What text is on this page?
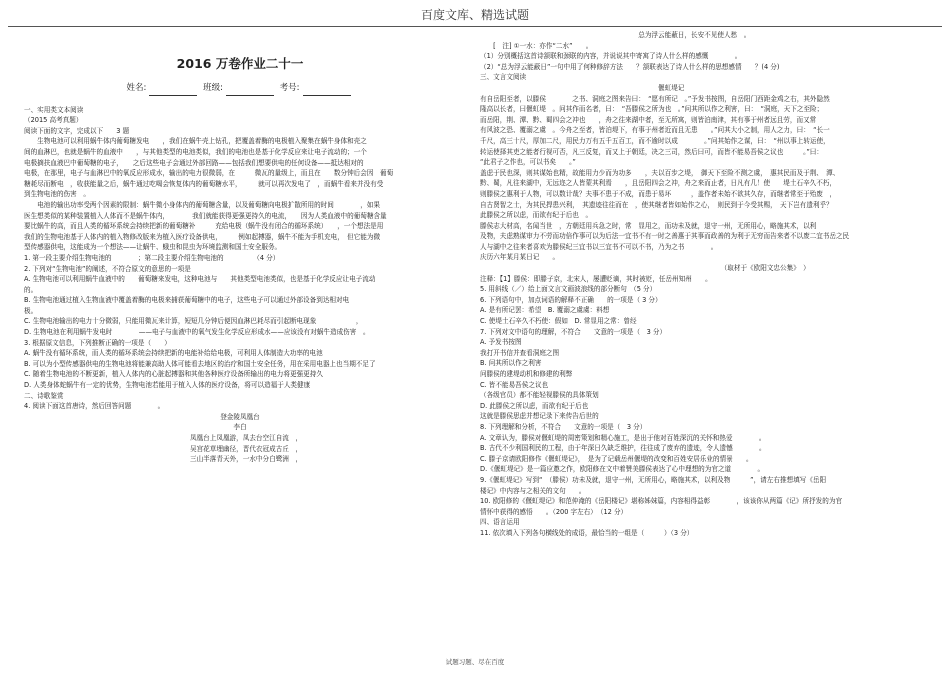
百度文库、精选试题
2016 万卷作业二十一
姓名:	班级:	考号:
一、实用类文本阅读
（2015 高考真题）
阅读下面的文字，完成以下　　3 题
　　生物电池可以利用蜗牛体内葡萄糖发电　　，我们在蜗牛壳上钻孔，把覆盖着酶的电极植入聚集在蜗牛身体和壳之
间的血淋巴，也就是蜗牛的血液中　　，与其他类型的电池类似，我们的电池也是基于化学反应来让电子流动的；一个
电极摘扶血液巴中葡萄糖的电子，　　之后这些电子会通过外部回路——包括我们想要供电的任何设备——抵达相对的
电极，在那里，电子与血淋巴中的氧反应形成水，输出的电力很微弱，在　　　微瓦的量级上，而且在　　数分钟后会因　葡萄
糖耗尽而断电　，收获能量之后，蜗牛通过吃喝会恢复体内的葡萄糖水平，　　　就可以再次发电了　，而蜗牛看来并没有受
到生物电池的伤害　。
　　电池的输出功率受两个因素的限制：蜗牛微小身体内的葡萄糖含量，以及葡萄糖向电极扩散所用的时间　　　　，如果
医生想类似的某种装置植入人体而不是蜗牛体内，　　　　我们就能获得更强更持久的电流，　　因为人类血液中的葡萄糖含量
要比蜗牛的高，而且人类的循环系统会持续把新的葡萄糖补　　　充给电极（蜗牛没有闭合的循环系统）　　，一个想法是用
我们的生物电池基于人体内的植入物修改版来为植入医疗设备供电，　　　例如起搏器，蜗牛不能为手机充电，　但它能为微
型传感器供电，这能成为一个想法——让蜗牛、蛾虫和昆虫为环境监测和国土安全服务。
1. 第一段主要介绍生物电池的　　　　；第二段主要介绍生物电池的　　　　　（4 分）
2. 下列对“生物电池”的阐述，不符合原文的意思的一项是
A. 生物电池可以利用蜗牛血液中的　　葡萄糖来发电，这种电池与　　其他类型电池类似，也是基于化学反应让电子流动
的。
B. 生物电池通过植入生物血液中覆盖着酶的电极来捕获葡萄糖中的电子，这些电子可以通过外部设备到达相对电
极。
C. 生物电池输出的电力十分微弱，只能用微瓦来计算，短短几分钟后便因血淋巴耗尽而引起断电现象　　　　　　，
D. 生物电池在利用蜗牛发电时　　　　——电子与血液中的氧气发生化学反应形成水——应该没有对蜗牛造成伤害　。
3. 根据原文信息，下列推断正确的一项是（　　）
A. 蜗牛没有循环系统，而人类的循环系统会持续把新的电能补给给电极，可利用人体制造大功率的电池
B. 可以为小型传感器供电的生物电池将能兼高助人体可能看去地区的治疗和国土安全任务，用在采用电器上也当期不足了
C. 随着生物电池的不断更新，植入人体内的心脏起搏器和其他各种医疗设备所输出的电力将更强更持久
D. 人类身体蛇蜗牛有一定的优势，生物电池若能用于植入人体的医疗设备，将可以造福于人类健康
二、诗歌鉴赏
4. 阅读下面这首唐诗，然后回答问题　　　　。
登金陵凤凰台
李白
凤凰台上凤凰游，凤去台空江自流　，
吴宫花草埋幽径，晋代衣冠成古丘　，
三山半落青天外，一水中分白鹭洲　，
　　　　　　　　　　　　　　　　　　　　　　　　总为浮云能蔽日，长安不见使人愁　。
　　[　注] ①一水：亦作“二水”　　。
（1）分别概括这首诗颔联和颈联的内容，并说说其中寄寓了诗人什么样的感慨　　　　。
（2）“总为浮云能蔽日”一句中用了何种修辞方法　　？颔联表达了诗人什么样的思想感情　　？(4 分)
三、文言文阅读
　　　　　　　　　　　　　　　　　　　　　　　　　　　偃虹堤记
有自岳阳至者，以滕侯　　　　之书、洞庭之图来告曰：　“愿有所记　。”予发书按图，自岳阳门西距金鸡之右，其外隐然
隆高以长者，曰偃虹堤　。问其作而名者，曰：　“吾滕侯之所为也　。”问其所以作之利害，曰：　“洞庭，天下之至险；
而岳阳，荆、潭、黔、蜀四会之冲也　　，舟之往来湖中者，至无所寓，则皆泊南津，其有事于州者远且劳，而又常
有风波之恐、覆溺之虞　。今舟之至者，皆泊堤下，有事于州者近而且无患　　。”问其大小之制，用人之力，曰：　“长一
千尺，高三十尺，厚加二尺，用民力万有五千五百工，而不逾时以成　　　　。”问其始作之谋，曰：　“州以事上转运使，
转运使择其吏之能者行视可否，凡三反复，而又上于朝廷，决之三司，然后曰可，而皆不能易吾侯之议也　　　。”曰：
“此君子之作也，可以书矣　　。”
盖虑于民也深，则其谋始也精，故能用力少而为功多　　，夫以百步之堤，　御天下至险不测之虞，　惠其民而及于荆、　潭、
黔、蜀，凡往来湖中，无远迩之人皆蒙其利焉　　，且岳阳四会之冲，舟之来而止者，日凡有几！使　　堤土石辛久不朽，
则滕侯之惠利于人物，可以数计哉？夫事不患于不成，而患于易坏　　　，盖作者未始不欲其久存，而继者常至于殆废　，
自古贤智之士，为其民捍患兴利，　其遗迹往往而在　，使其继者皆如始作之心，　则民到于今受其赐，　天下岂有遗利乎？
此滕侯之所以虑，而欲有纪于后也　。
滕侯志大材高，名闻当世　，方朝廷用兵急之时，常　显用之，而功未及就，退守一州，无所用心，略施其术，以利
及物，夫虑熟谋审力不劳而功倍作事可以为后法一宜书不有一时之善惠于其事而政善的为利于无穷而告来者不以废二宜书岳之民
人与湖中之往来者喜欢为滕侯纪三宜书以三宜书不可以不书，乃为之书　　　　。
庆历六年某月某日记　　。
　　　　　　　　　　　　　　　　　　　　　　　　　　　　　　　　　　　　　（取材于《欧阳文忠公集》　）
注释：【1】滕侯：即滕子京，北宋人，屡遭贬谪，其时被贬，任岳州知州　　。
5. 用斜线（／）给上面文言文画波浪线的部分断句　（5 分）
6. 下列语句中，加点词语的解释不正确　　的一项是（ 3 分）
A. 是有所记罢：希望　B. 覆溺之虞虞：料想
C. 使堤土石辛久不朽使：假如　D. 常显用之常：曾经
7. 下列对文中语句的理解，不符合　　文意的一项是（　3 分）
A. 予发书按图
我打开书信并查看洞庭之图
B. 问其所以作之利害
问滕侯的建堤动机和修建的利弊
C. 皆不能易吾侯之议也
（各级官员）都不能轻视滕侯的具体策划
D. 此滕侯之所以虑，而欲有纪于后也
这就是滕侯思虑并想记录下来传告后世的
8. 下列理解和分析，不符合　　文意的一项是（　3 分）
A. 文章认为，滕侯对偃虹堤的周密策划和精心施工，是出于他对百姓深沉的关怀和热爱　　　　。
B. 古代不少利国利民的工程，由于年深日久缺乏维护，往往成了废弃的遗迹，令人遗憾　　　　。
C. 滕子京请欧阳修作《偃虹堤记》，　是为了记载岳州偃堤的改变和百姓安居乐业的情景　　。
D.《偃虹堤记》是一篇应邀之作，欧阳修在文中着赞美滕侯表达了心中理想的为官之道　　　　。
9.《偃虹堤记》写到“　（滕侯）功未及就，退守一州，无所用心，略施其术，以利及物　　　”，请左右推想填写《岳阳
楼记》中内容与之相关的文句　　。
10. 欧阳修的《偃虹堤记》和范仲淹的《岳阳楼记》堪称姊妹篇，内容相得益彰　　　　，该该你从两篇《记》所抒发的为官
情怀中获得的感悟　　。（200 字左右）　（12 分）
四、语言运用
11. 依次填入下列各句横线处的成语，最恰当的一组是（　　　）（3 分）
试题习题、尽在百度
